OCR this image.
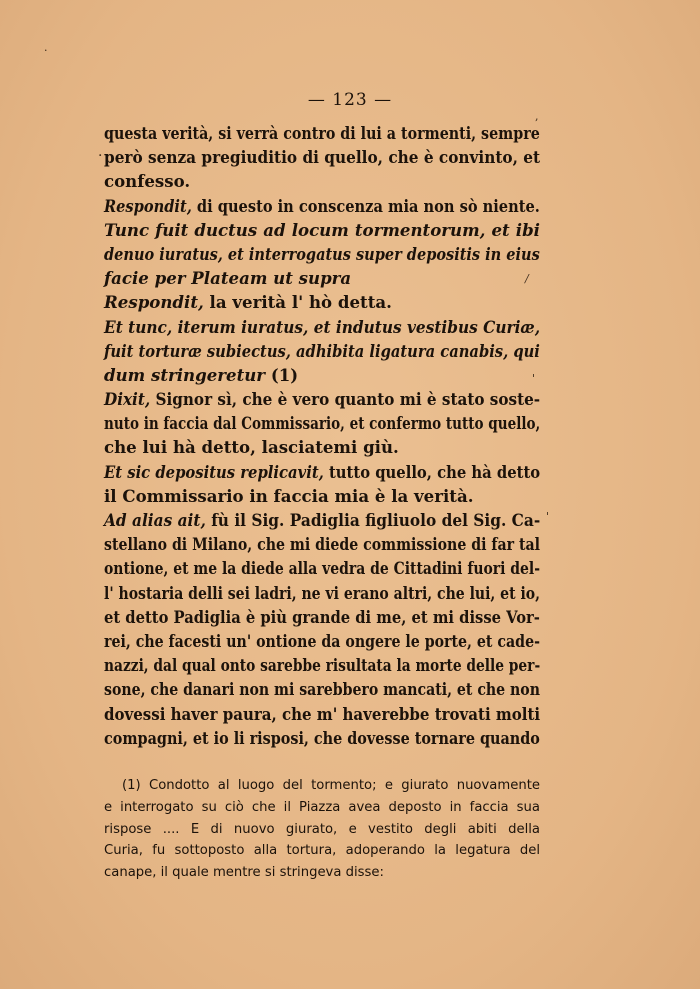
·
·
,
/
'
'
— 123 —
questa verità, si verrà contro di lui a tormenti, sempre
però senza pregiuditio di quello, che è convinto, et
confesso.
Respondit, di questo in conscenza mia non sò niente.
Tunc fuit ductus ad locum tormentorum, et ibi
denuo iuratus, et interrogatus super depositis in eius
facie per Plateam ut supra
Respondit, la verità l' hò detta.
Et tunc, iterum iuratus, et indutus vestibus Curiæ,
fuit torturæ subiectus, adhibita ligatura canabis, qui
dum stringeretur (1)
Dixit, Signor sì, che è vero quanto mi è stato soste-
nuto in faccia dal Commissario, et confermo tutto quello,
che lui hà detto, lasciatemi giù.
Et sic depositus replicavit, tutto quello, che hà detto
il Commissario in faccia mia è la verità.
Ad alias ait, fù il Sig. Padiglia figliuolo del Sig. Ca-
stellano di Milano, che mi diede commissione di far tal
ontione, et me la diede alla vedra de Cittadini fuori del-
l' hostaria delli sei ladri, ne vi erano altri, che lui, et io,
et detto Padiglia è più grande di me, et mi disse Vor-
rei, che facesti un' ontione da ongere le porte, et cade-
nazzi, dal qual onto sarebbe risultata la morte delle per-
sone, che danari non mi sarebbero mancati, et che non
dovessi haver paura, che m' haverebbe trovati molti
compagni, et io li risposi, che dovesse tornare quando
(1) Condotto al luogo del tormento; e giurato nuovamente
e interrogato su ciò che il Piazza avea deposto in faccia sua
rispose .... E di nuovo giurato, e vestito degli abiti della
Curia, fu sottoposto alla tortura, adoperando la legatura del
canape, il quale mentre si stringeva disse:
